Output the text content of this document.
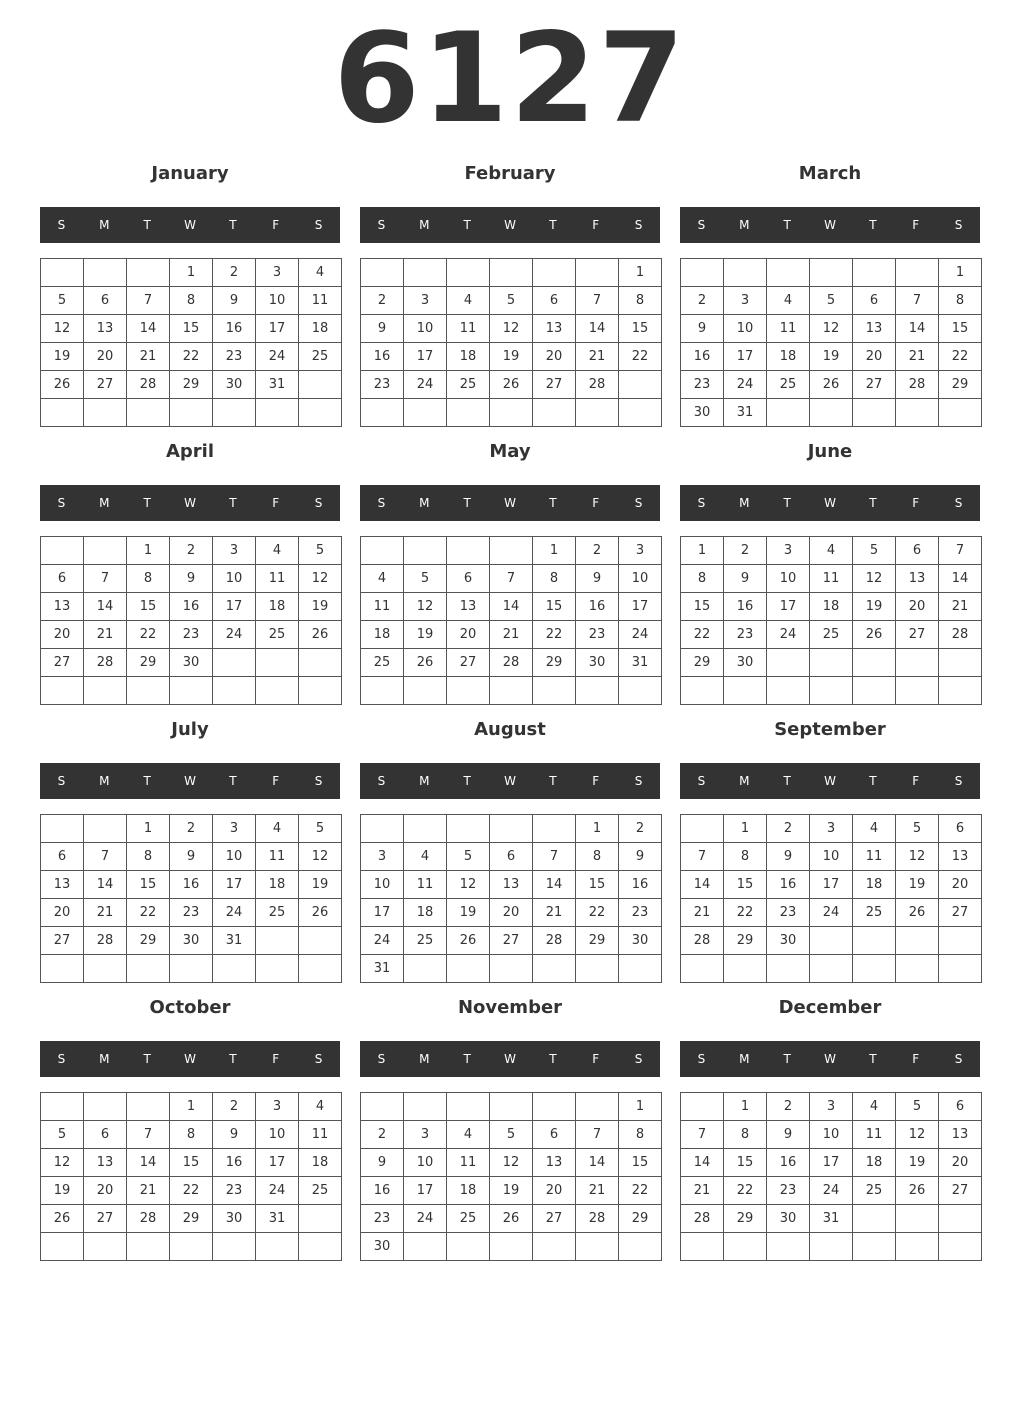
6127
January
S	M	T	W	T	F	S
			1	2	3	4
5	6	7	8	9	10	11
12	13	14	15	16	17	18
19	20	21	22	23	24	25
26	27	28	29	30	31	

February
S	M	T	W	T	F	S
						1
2	3	4	5	6	7	8
9	10	11	12	13	14	15
16	17	18	19	20	21	22
23	24	25	26	27	28	

March
S	M	T	W	T	F	S
						1
2	3	4	5	6	7	8
9	10	11	12	13	14	15
16	17	18	19	20	21	22
23	24	25	26	27	28	29
30	31					
April
S	M	T	W	T	F	S
		1	2	3	4	5
6	7	8	9	10	11	12
13	14	15	16	17	18	19
20	21	22	23	24	25	26
27	28	29	30			

May
S	M	T	W	T	F	S
				1	2	3
4	5	6	7	8	9	10
11	12	13	14	15	16	17
18	19	20	21	22	23	24
25	26	27	28	29	30	31

June
S	M	T	W	T	F	S
1	2	3	4	5	6	7
8	9	10	11	12	13	14
15	16	17	18	19	20	21
22	23	24	25	26	27	28
29	30					

July
S	M	T	W	T	F	S
		1	2	3	4	5
6	7	8	9	10	11	12
13	14	15	16	17	18	19
20	21	22	23	24	25	26
27	28	29	30	31		

August
S	M	T	W	T	F	S
					1	2
3	4	5	6	7	8	9
10	11	12	13	14	15	16
17	18	19	20	21	22	23
24	25	26	27	28	29	30
31						
September
S	M	T	W	T	F	S
	1	2	3	4	5	6
7	8	9	10	11	12	13
14	15	16	17	18	19	20
21	22	23	24	25	26	27
28	29	30				

October
S	M	T	W	T	F	S
			1	2	3	4
5	6	7	8	9	10	11
12	13	14	15	16	17	18
19	20	21	22	23	24	25
26	27	28	29	30	31	

November
S	M	T	W	T	F	S
						1
2	3	4	5	6	7	8
9	10	11	12	13	14	15
16	17	18	19	20	21	22
23	24	25	26	27	28	29
30						
December
S	M	T	W	T	F	S
	1	2	3	4	5	6
7	8	9	10	11	12	13
14	15	16	17	18	19	20
21	22	23	24	25	26	27
28	29	30	31			
